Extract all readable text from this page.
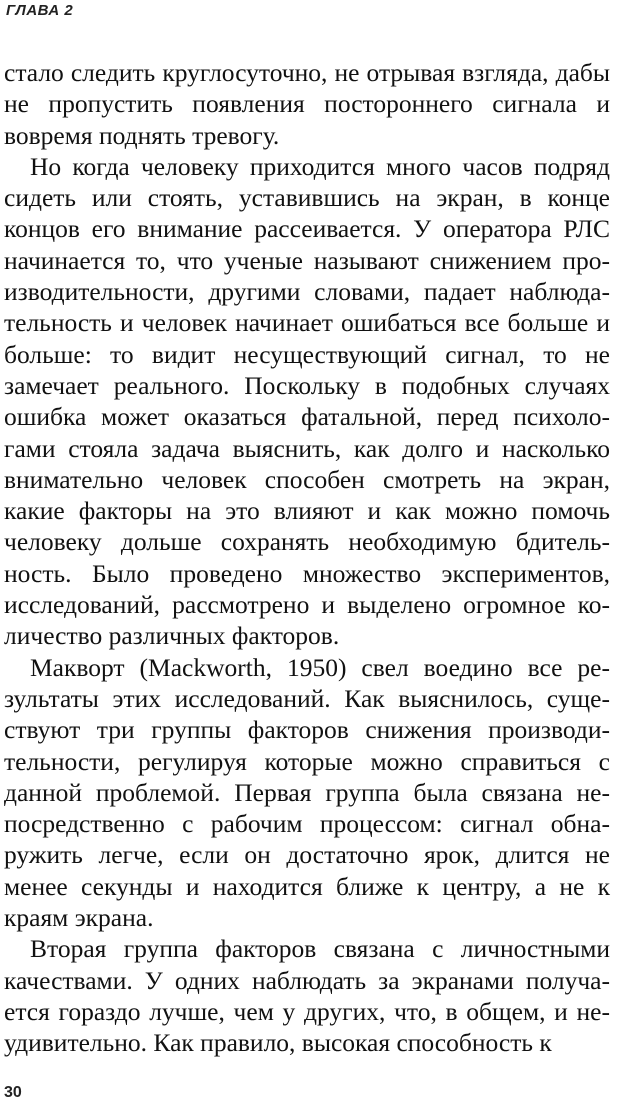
ГЛАВА 2

стало следить круглосуточно, не отрывая взгляда, дабы не пропустить появления постороннего сигнала и вовремя поднять тревогу.

Но когда человеку приходится много часов подряд сидеть или стоять, уставившись на экран, в конце концов его внимание рассеивается. У оператора РЛС начинается то, что ученые называют снижением производительности, другими словами, падает наблюдательность и человек начинает ошибаться все больше и больше: то видит несуществующий сигнал, то не замечает реального. Поскольку в подобных случаях ошибка может оказаться фатальной, перед психологами стояла задача выяснить, как долго и насколько внимательно человек способен смотреть на экран, какие факторы на это влияют и как можно помочь человеку дольше сохранять необходимую бдительность. Было проведено множество экспериментов, исследований, рассмотрено и выделено огромное количество различных факторов.

Макворт (Mackworth, 1950) свел воедино все результаты этих исследований. Как выяснилось, существуют три группы факторов снижения производительности, регулируя которые можно справиться с данной проблемой. Первая группа была связана непосредственно с рабочим процессом: сигнал обнаружить легче, если он достаточно ярок, длится не менее секунды и находится ближе к центру, а не к краям экрана.

Вторая группа факторов связана с личностными качествами. У одних наблюдать за экранами получается гораздо лучше, чем у других, что, в общем, и неудивительно. Как правило, высокая способность к

30
